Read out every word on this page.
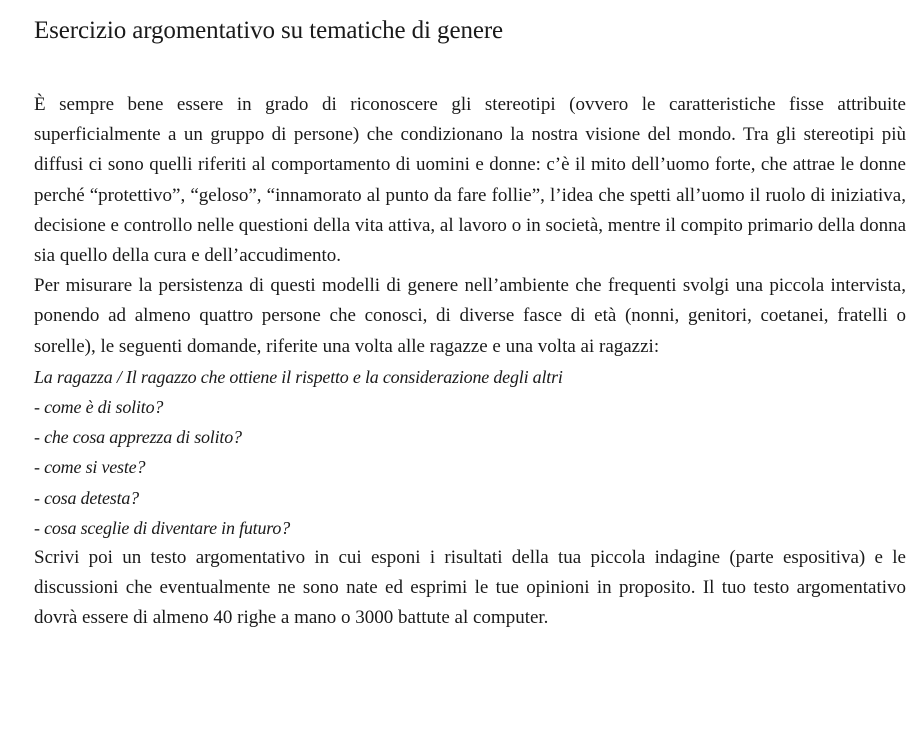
Esercizio argomentativo su tematiche di genere

È sempre bene essere in grado di riconoscere gli stereotipi (ovvero le caratteristiche fisse attribuite superficialmente a un gruppo di persone) che condizionano la nostra visione del mondo. Tra gli stereotipi più diffusi ci sono quelli riferiti al comportamento di uomini e donne: c’è il mito dell’uomo forte, che attrae le donne perché “protettivo”, “geloso”, “innamorato al punto da fare follie”, l’idea che spetti all’uomo il ruolo di iniziativa, decisione e controllo nelle questioni della vita attiva, al lavoro o in società, mentre il compito primario della donna sia quello della cura e dell’accudimento.

Per misurare la persistenza di questi modelli di genere nell’ambiente che frequenti svolgi una piccola intervista, ponendo ad almeno quattro persone che conosci, di diverse fasce di età (nonni, genitori, coetanei, fratelli o sorelle), le seguenti domande, riferite una volta alle ragazze e una volta ai ragazzi:

La ragazza / Il ragazzo che ottiene il rispetto e la considerazione degli altri

- come è di solito?

- che cosa apprezza di solito?

- come si veste?

- cosa detesta?

- cosa sceglie di diventare in futuro?

Scrivi poi un testo argomentativo in cui esponi i risultati della tua piccola indagine (parte espositiva) e le discussioni che eventualmente ne sono nate ed esprimi le tue opinioni in proposito. Il tuo testo argomentativo dovrà essere di almeno 40 righe a mano o 3000 battute al computer.
